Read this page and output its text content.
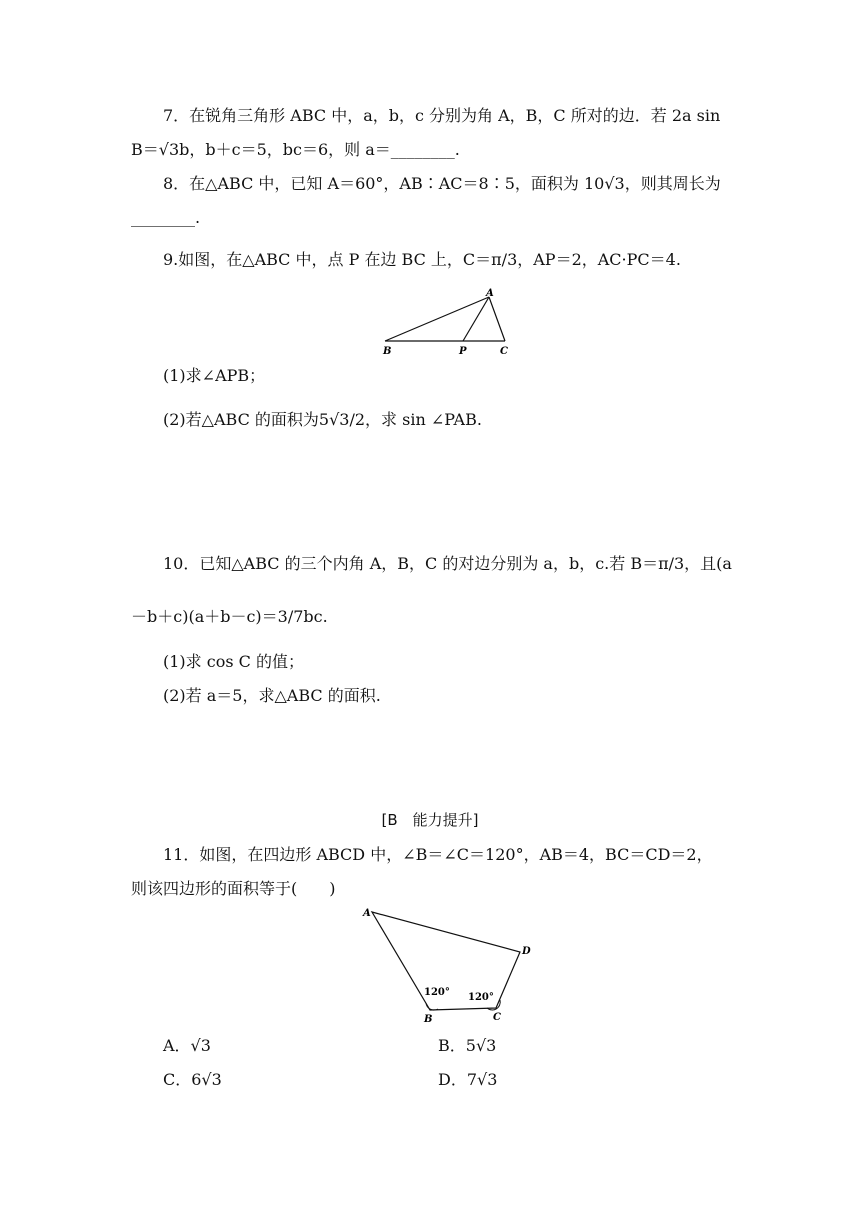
7．在锐角三角形 ABC 中，a，b，c 分别为角 A，B，C 所对的边．若 2a sin
B＝√3b，b＋c＝5，bc＝6，则 a＝________.
8．在△ABC 中，已知 A＝60°，AB∶AC＝8∶5，面积为 10√3，则其周长为
________.
9.如图，在△ABC 中，点 P 在边 BC 上，C＝π/3，AP＝2，AC·PC＝4.
A
B	P	C
(1)求∠APB；
(2)若△ABC 的面积为5√3/2，求 sin ∠PAB.
10．已知△ABC 的三个内角 A，B，C 的对边分别为 a，b，c.若 B＝π/3，且(a
－b＋c)(a＋b－c)＝3/7bc.
(1)求 cos C 的值；
(2)若 a＝5，求△ABC 的面积.
[B　能力提升]
11．如图，在四边形 ABCD 中，∠B＝∠C＝120°，AB＝4，BC＝CD＝2，
则该四边形的面积等于(　　)
A
D
B	C
120° 120°
A．√3	B．5√3
C．6√3	D．7√3
